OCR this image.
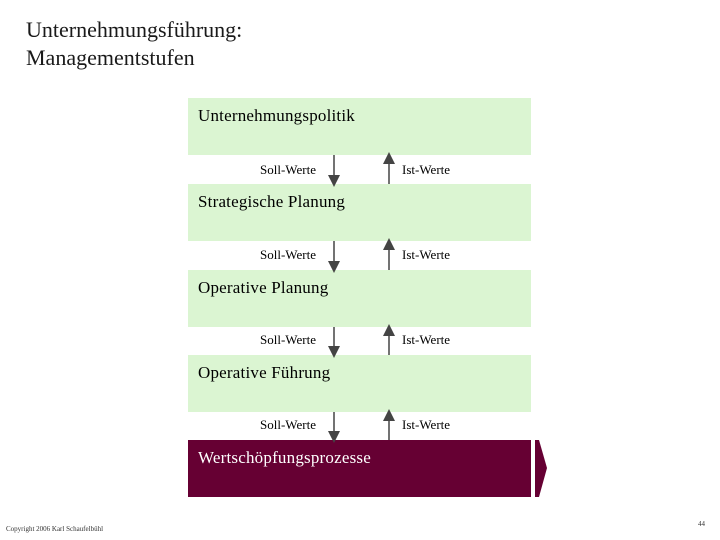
Unternehmungsführung:
Managementstufen
Unternehmungspolitik
Strategische Planung
Operative Planung
Operative Führung
Soll-Werte	Ist-Werte
Soll-Werte	Ist-Werte
Soll-Werte	Ist-Werte
Soll-Werte	Ist-Werte
Wertschöpfungsprozesse
Copyright 2006 Karl Schaufelbühl
44
